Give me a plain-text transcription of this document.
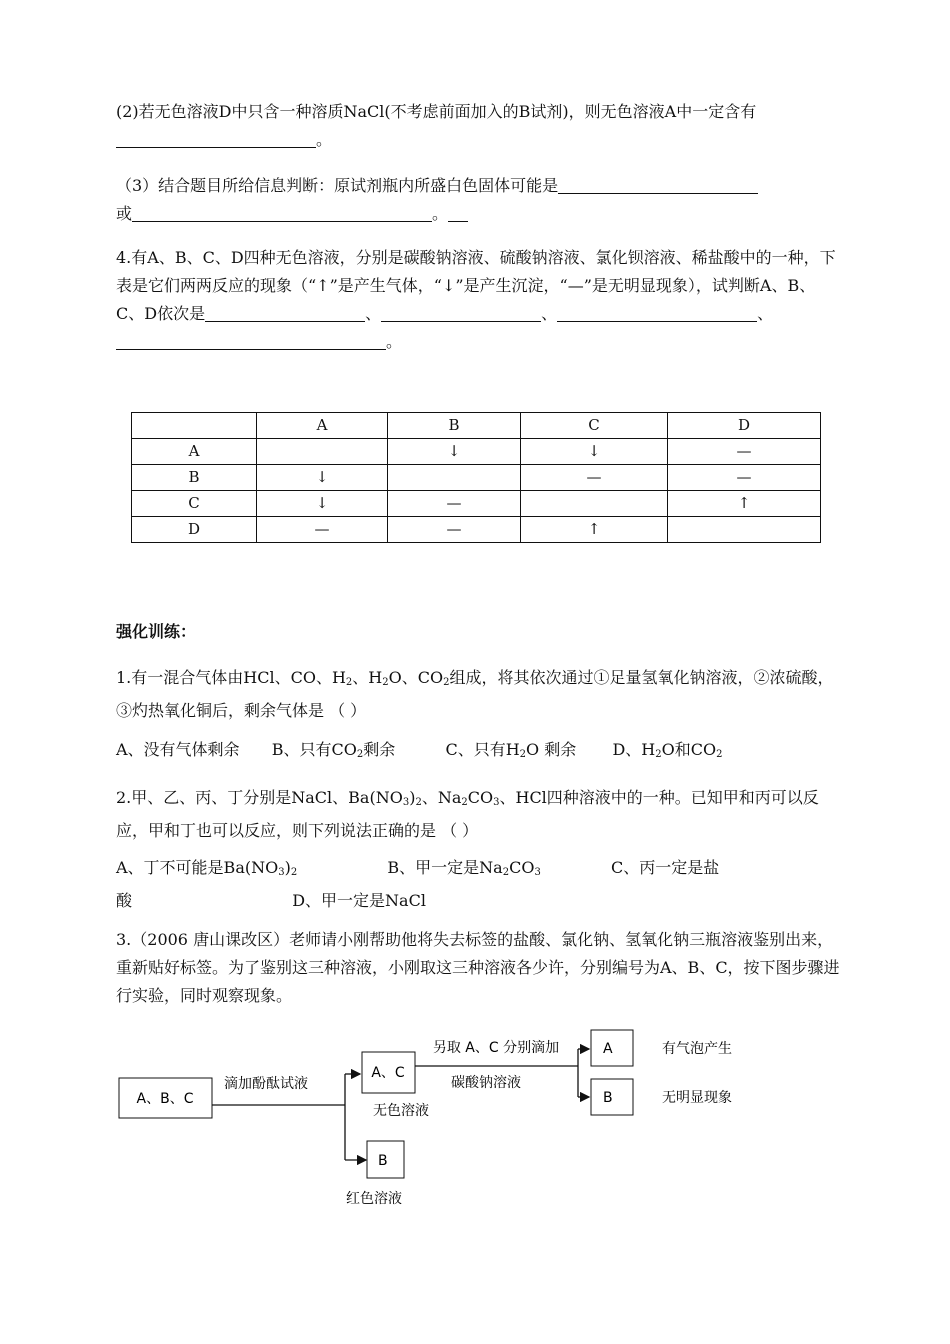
(2)若无色溶液D中只含一种溶质NaCl(不考虑前面加入的B试剂)，则无色溶液A中一定含有。

（3）结合题目所给信息判断：原试剂瓶内所盛白色固体可能是
或	。

4.有A、B、C、D四种无色溶液，分别是碳酸钠溶液、硫酸钠溶液、氯化钡溶液、稀盐酸中的一种，下表是它们两两反应的现象（“↑”是产生气体，“↓”是产生沉淀，“—”是无明显现象），试判断A、B、C、D依次是	、	、	、。

	A	B	C	D
A		↓	↓	—
B	↓		—	—
C	↓	—		↑
D	—	—	↑	

强化训练：

1.有一混合气体由HCl、CO、$H_2$、$H_2O$、$CO_2$组成，将其依次通过①足量氢氧化钠溶液，②浓硫酸，③灼热氧化铜后，剩余气体是 （ ）

A、没有气体剩余 B、只有$CO_2$剩余	C、只有$H_2O$ 剩余 D、$H_2O$和$CO_2$

2.甲、乙、丙、丁分别是NaCl、$Ba(NO_3)_2$、$Na_2CO_3$、HCl四种溶液中的一种。已知甲和丙可以反应，甲和丁也可以反应，则下列说法正确的是 （ ）

A、丁不可能是$Ba(NO_3)_2$	B、甲一定是$Na_2CO_3$	C、丙一定是盐
酸	D、甲一定是NaCl

3.（2006 唐山课改区）老师请小刚帮助他将失去标签的盐酸、氯化钠、氢氧化钠三瓶溶液鉴别出来，重新贴好标签。为了鉴别这三种溶液，小刚取这三种溶液各少许，分别编号为A、B、C，按下图步骤进行实验，同时观察现象。

A、B、C
滴加酚酞试液
A、C
无色溶液
B
红色溶液
另取 A、C 分别滴加
碳酸钠溶液
A
B
有气泡产生
无明显现象
